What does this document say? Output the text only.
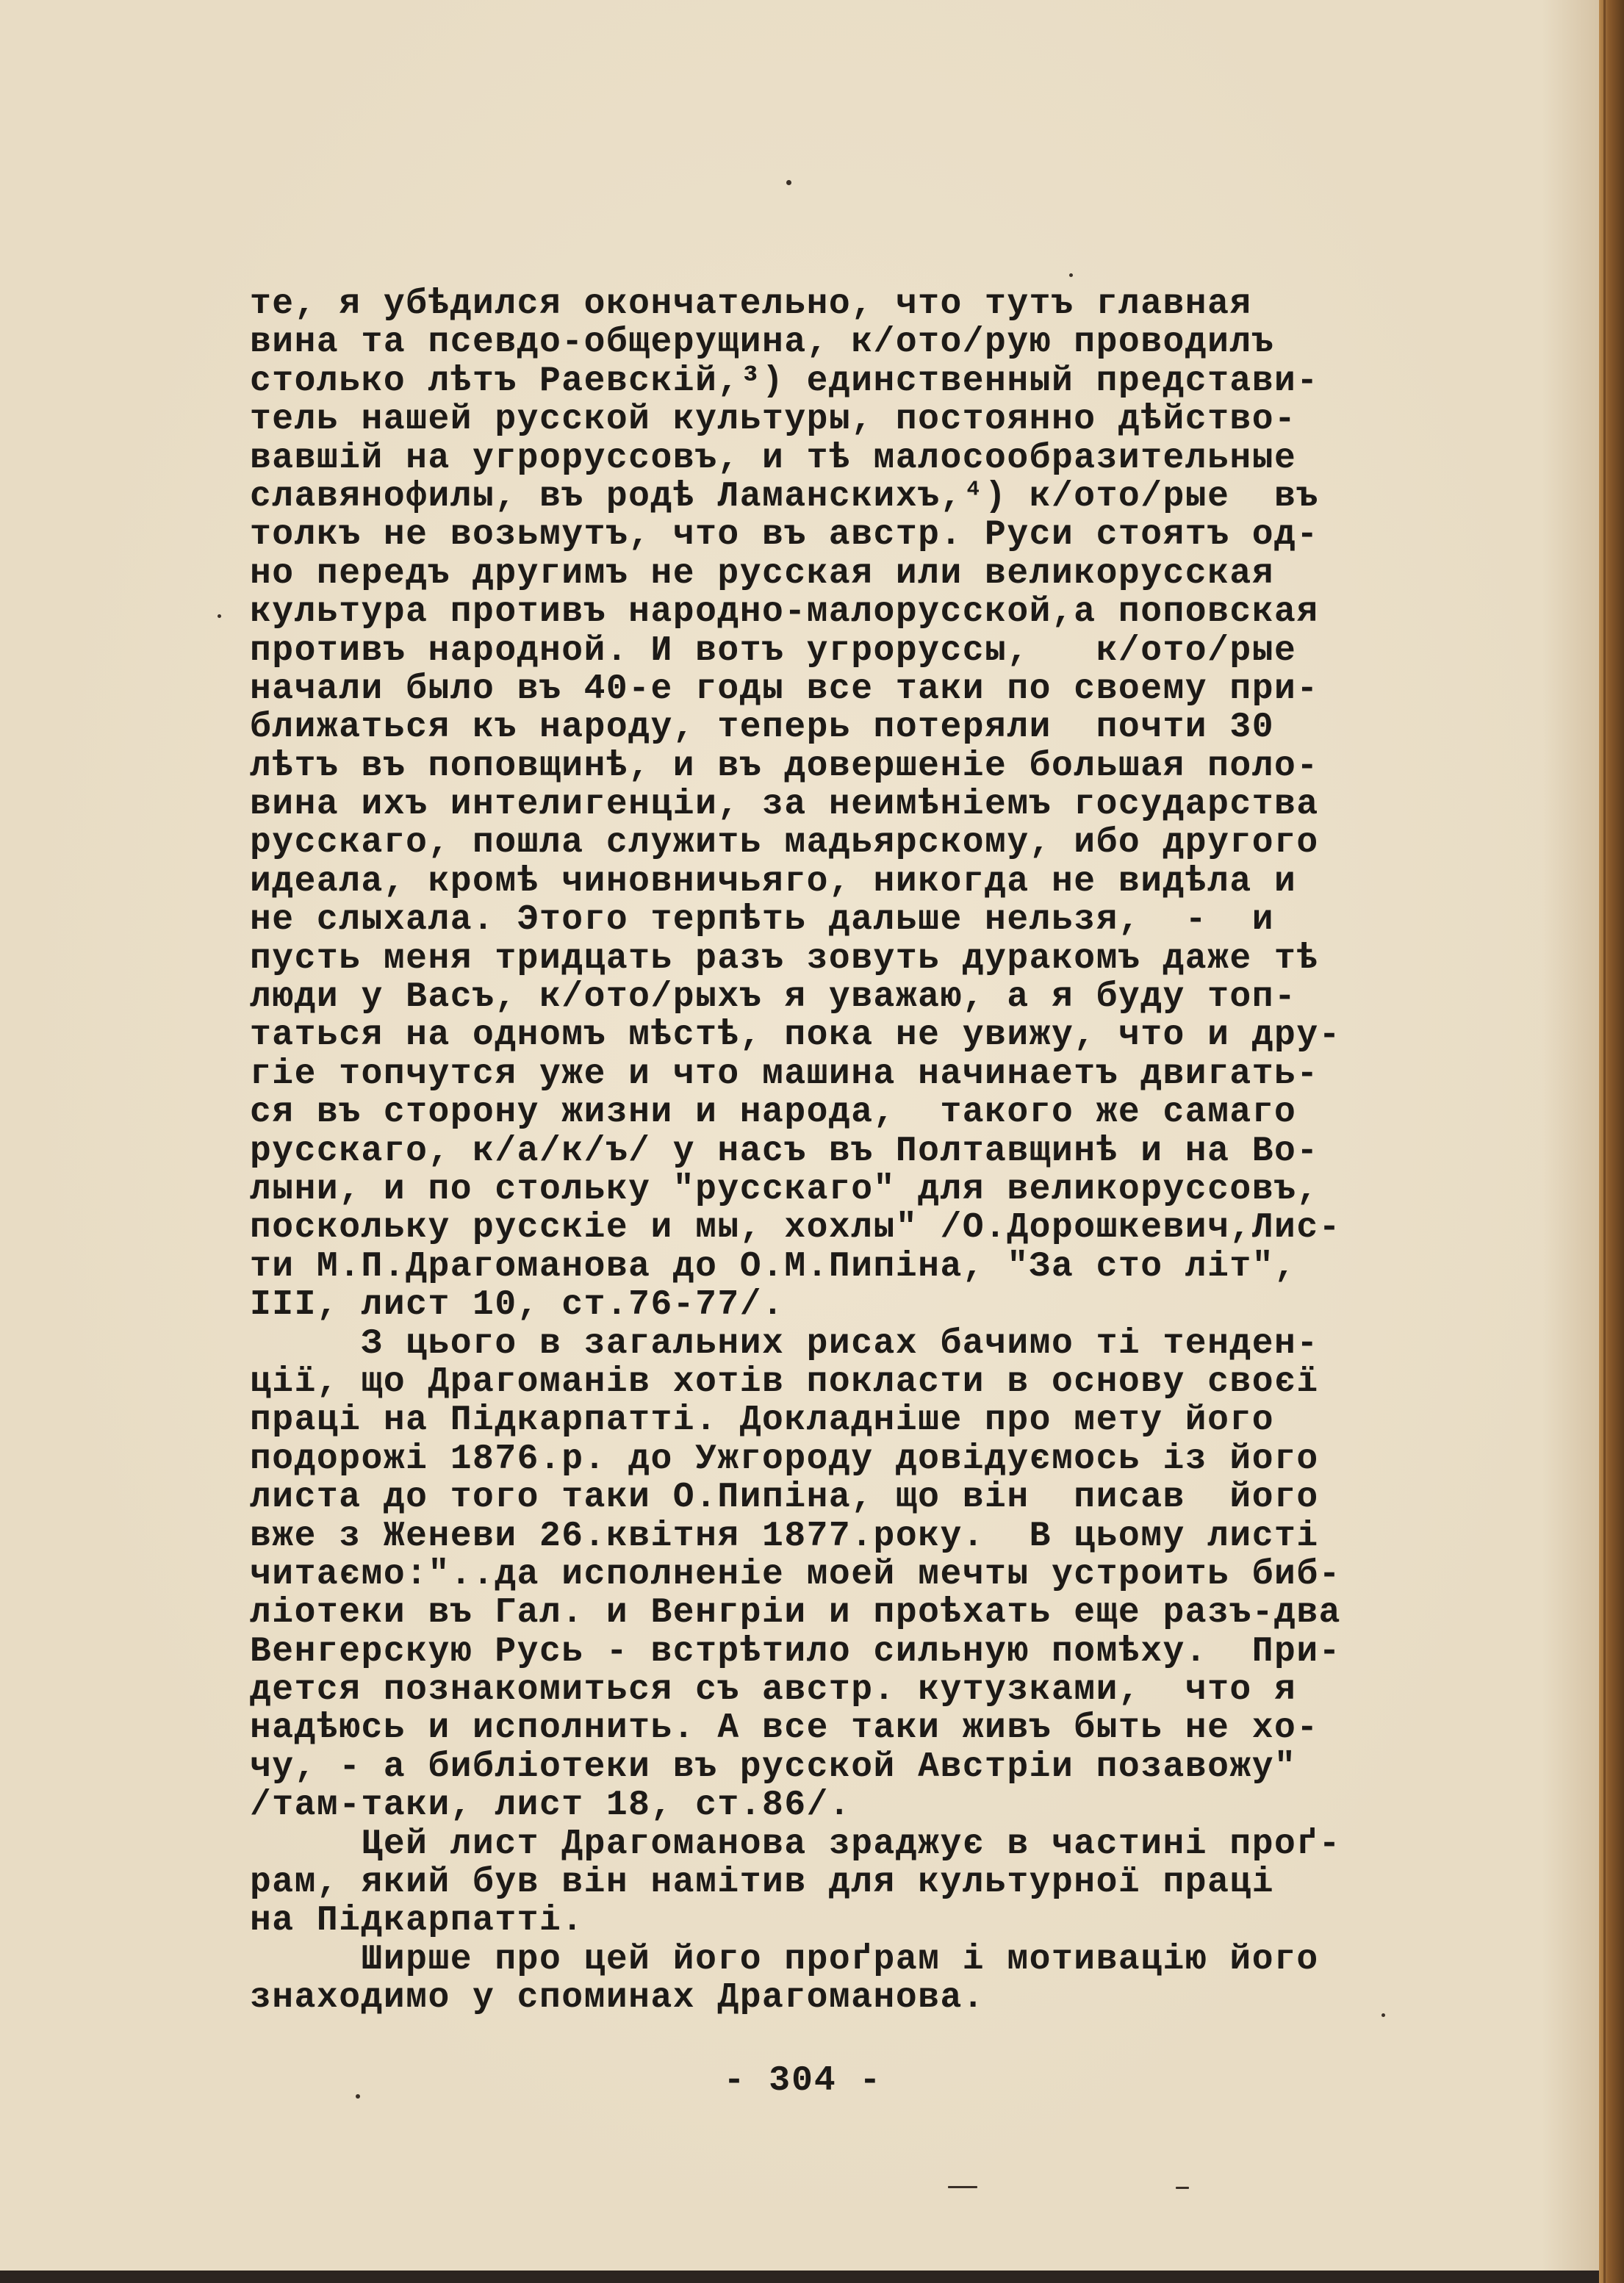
те, я убѣдился окончательно, что тутъ главная
вина та псевдо-общерущина, к/ото/рую проводилъ
столько лѣтъ Раевскій,³) единственный представи-
тель нашей русской культуры, постоянно дѣйство-
вавшій на угроруссовъ, и тѣ малосообразительные
славянофилы, въ родѣ Ламанскихъ,⁴) к/ото/рые  въ
толкъ не возьмутъ, что въ австр. Руси стоятъ од-
но передъ другимъ не русская или великорусская
культура противъ народно-малорусской,а поповская
противъ народной. И вотъ угроруссы,   к/ото/рые
начали было въ 40-е годы все таки по своему при-
ближаться къ народу, теперь потеряли  почти 30
лѣтъ въ поповщинѣ, и въ довершеніе большая поло-
вина ихъ интелигенціи, за неимѣніемъ государства
русскаго, пошла служить мадьярскому, ибо другого
идеала, кромѣ чиновничьяго, никогда не видѣла и
не слыхала. Этого терпѣть дальше нельзя,  -  и
пусть меня тридцать разъ зовуть дуракомъ даже тѣ
люди у Васъ, к/ото/рыхъ я уважаю, а я буду топ-
таться на одномъ мѣстѣ, пока не увижу, что и дру-
гіе топчутся уже и что машина начинаетъ двигать-
ся въ сторону жизни и народа,  такого же самаго
русскаго, к/а/к/ъ/ у насъ въ Полтавщинѣ и на Во-
лыни, и по стольку "русскаго" для великоруссовъ,
поскольку русскіе и мы, хохлы" /О.Дорошкевич,Лис-
ти М.П.Драгоманова до О.М.Пипіна, "За сто літ",
III, лист 10, ст.76-77/.
З цього в загальних рисах бачимо ті тенден-
ції, що Драгоманів хотів покласти в основу своєї
праці на Підкарпатті. Докладніше про мету його
подорожі 1876.р. до Ужгороду довідуємось із його
листа до того таки О.Пипіна, що він  писав  його
вже з Женеви 26.квітня 1877.року.  В цьому листі
читаємо:"..да исполненіе моей мечты устроить биб-
ліотеки въ Гал. и Венгріи и проѣхать еще разъ-два
Венгерскую Русь - встрѣтило сильную помѣху.  При-
дется познакомиться съ австр. кутузками,  что я
надѣюсь и исполнить. А все таки живъ быть не хо-
чу, - а библіотеки въ русской Австріи позавожу"
/там-таки, лист 18, ст.86/.
Цей лист Драгоманова зраджує в частині проґ-
рам, який був він намітив для культурної праці
на Підкарпатті.
Ширше про цей його проґрам і мотивацію його
знаходимо у споминах Драгоманова.
- 304 -
